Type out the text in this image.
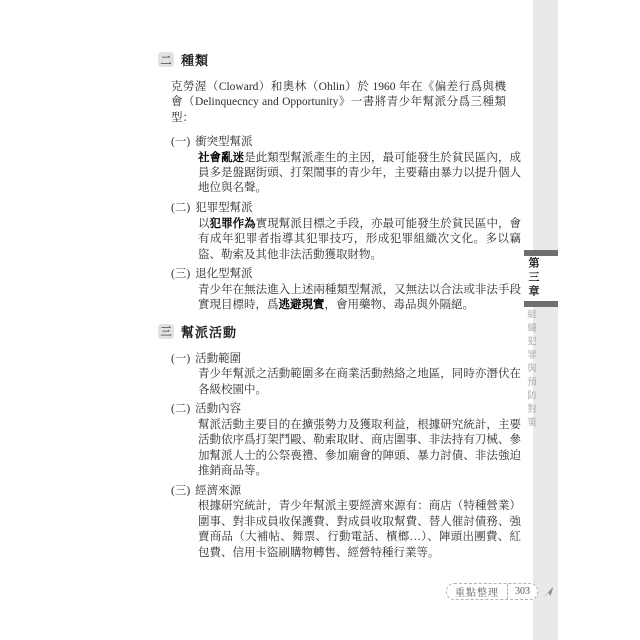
第三章
組織犯罪與預防對策
二 種類

克勞渥（Cloward）和奧林（Ohlin）於 1960 年在《偏差行爲與機會（Delinquecncy and Opportunity》一書將青少年幫派分爲三種類型：

(一) 衝突型幫派
社會亂迷是此類型幫派產生的主因，最可能發生於貧民區內，成員多是盤踞街頭、打架鬧事的青少年，主要藉由暴力以提升個人地位與名聲。
(二) 犯罪型幫派
以犯罪作為實現幫派目標之手段，亦最可能發生於貧民區中，會有成年犯罪者指導其犯罪技巧，形成犯罪組織次文化。多以竊盜、勒索及其他非法活動獲取財物。
(三) 退化型幫派
青少年在無法進入上述兩種類型幫派，又無法以合法或非法手段實現目標時，爲逃避現實，會用藥物、毒品與外隔絕。
三 幫派活動
(一) 活動範圍
青少年幫派之活動範圍多在商業活動熱絡之地區，同時亦潛伏在各級校園中。
(二) 活動內容
幫派活動主要目的在擴張勢力及獲取利益，根據研究統計，主要活動依序爲打架鬥毆、勒索取財、商店圍事、非法持有刀械、參加幫派人士的公祭喪禮、參加廟會的陣頭、暴力討債、非法強迫推銷商品等。
(三) 經濟來源
根據研究統計，青少年幫派主要經濟來源有：商店（特種營業）圍事、對非成員收保護費、對成員收取幫費、替人催討債務、強賣商品（大補帖、舞票、行動電話、檳榔…）、陣頭出團費、紅包費、信用卡盜刷購物轉售、經營特種行業等。
重點整理	303
